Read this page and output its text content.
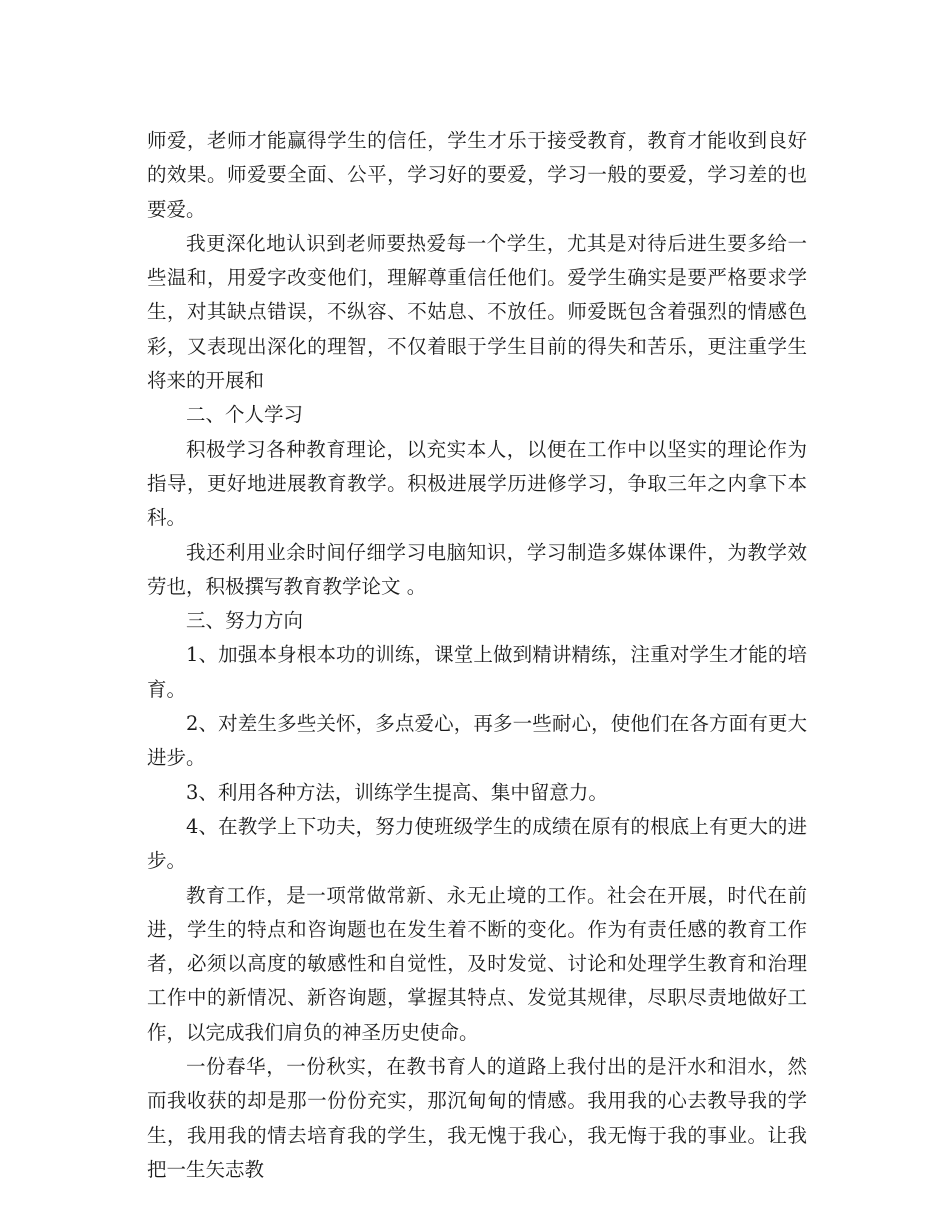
师爱，老师才能赢得学生的信任，学生才乐于接受教育，教育才能收到良好的效果。师爱要全面、公平，学习好的要爱，学习一般的要爱，学习差的也要爱。

我更深化地认识到老师要热爱每一个学生，尤其是对待后进生要多给一些温和，用爱字改变他们，理解尊重信任他们。爱学生确实是要严格要求学生，对其缺点错误，不纵容、不姑息、不放任。师爱既包含着强烈的情感色彩，又表现出深化的理智，不仅着眼于学生目前的得失和苦乐，更注重学生将来的开展和

二、个人学习

积极学习各种教育理论，以充实本人，以便在工作中以坚实的理论作为指导，更好地进展教育教学。积极进展学历进修学习，争取三年之内拿下本科。

我还利用业余时间仔细学习电脑知识，学习制造多媒体课件，为教学效劳也，积极撰写教育教学论文 。

三、努力方向

1、加强本身根本功的训练，课堂上做到精讲精练，注重对学生才能的培育。

2、对差生多些关怀，多点爱心，再多一些耐心，使他们在各方面有更大进步。

3、利用各种方法，训练学生提高、集中留意力。

4、在教学上下功夫，努力使班级学生的成绩在原有的根底上有更大的进步。

教育工作，是一项常做常新、永无止境的工作。社会在开展，时代在前进，学生的特点和咨询题也在发生着不断的变化。作为有责任感的教育工作者，必须以高度的敏感性和自觉性，及时发觉、讨论和处理学生教育和治理工作中的新情况、新咨询题，掌握其特点、发觉其规律，尽职尽责地做好工作，以完成我们肩负的神圣历史使命。

一份春华，一份秋实，在教书育人的道路上我付出的是汗水和泪水，然而我收获的却是那一份份充实，那沉甸甸的情感。我用我的心去教导我的学生，我用我的情去培育我的学生，我无愧于我心，我无悔于我的事业。让我把一生矢志教
